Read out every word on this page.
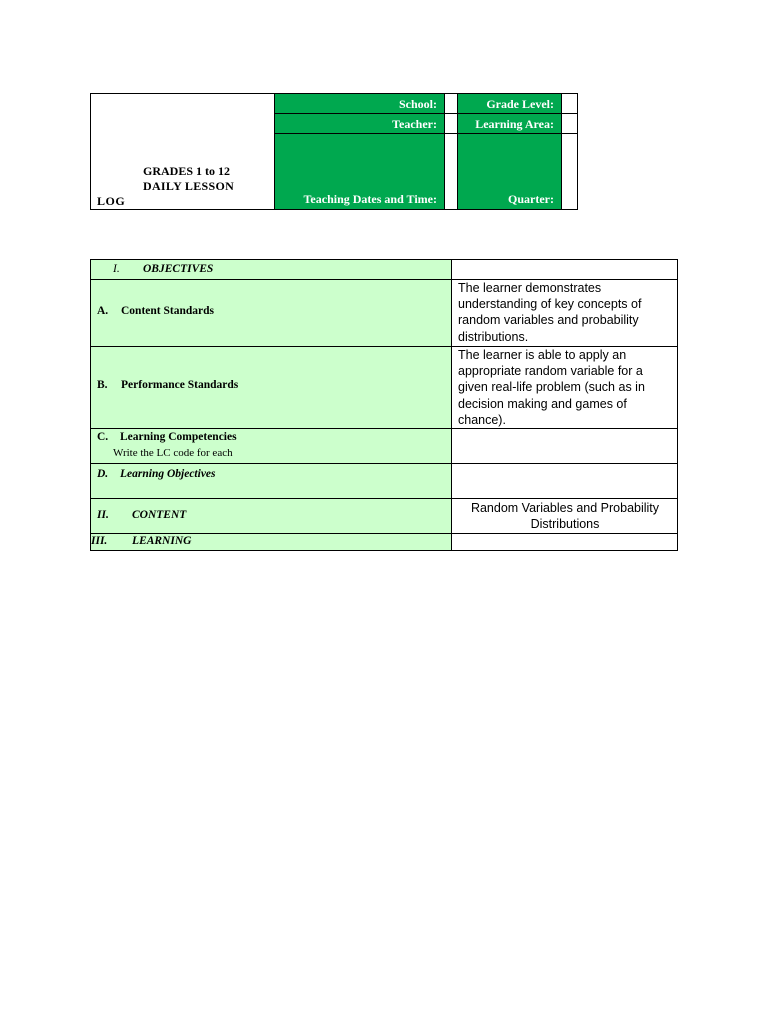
GRADES 1 to 12
DAILY LESSON
LOG
School:
Teacher:
Teaching Dates and Time:
Grade Level:
Learning Area:
Quarter:
I. OBJECTIVES
A. Content Standards
The learner demonstrates understanding of key concepts of random variables and probability distributions.
B. Performance Standards
The learner is able to apply an appropriate random variable for a given real-life problem (such as in decision making and games of chance).
C. Learning Competencies
Write the LC code for each
D. Learning Objectives
II. CONTENT	Random Variables and Probability Distributions
III. LEARNING
